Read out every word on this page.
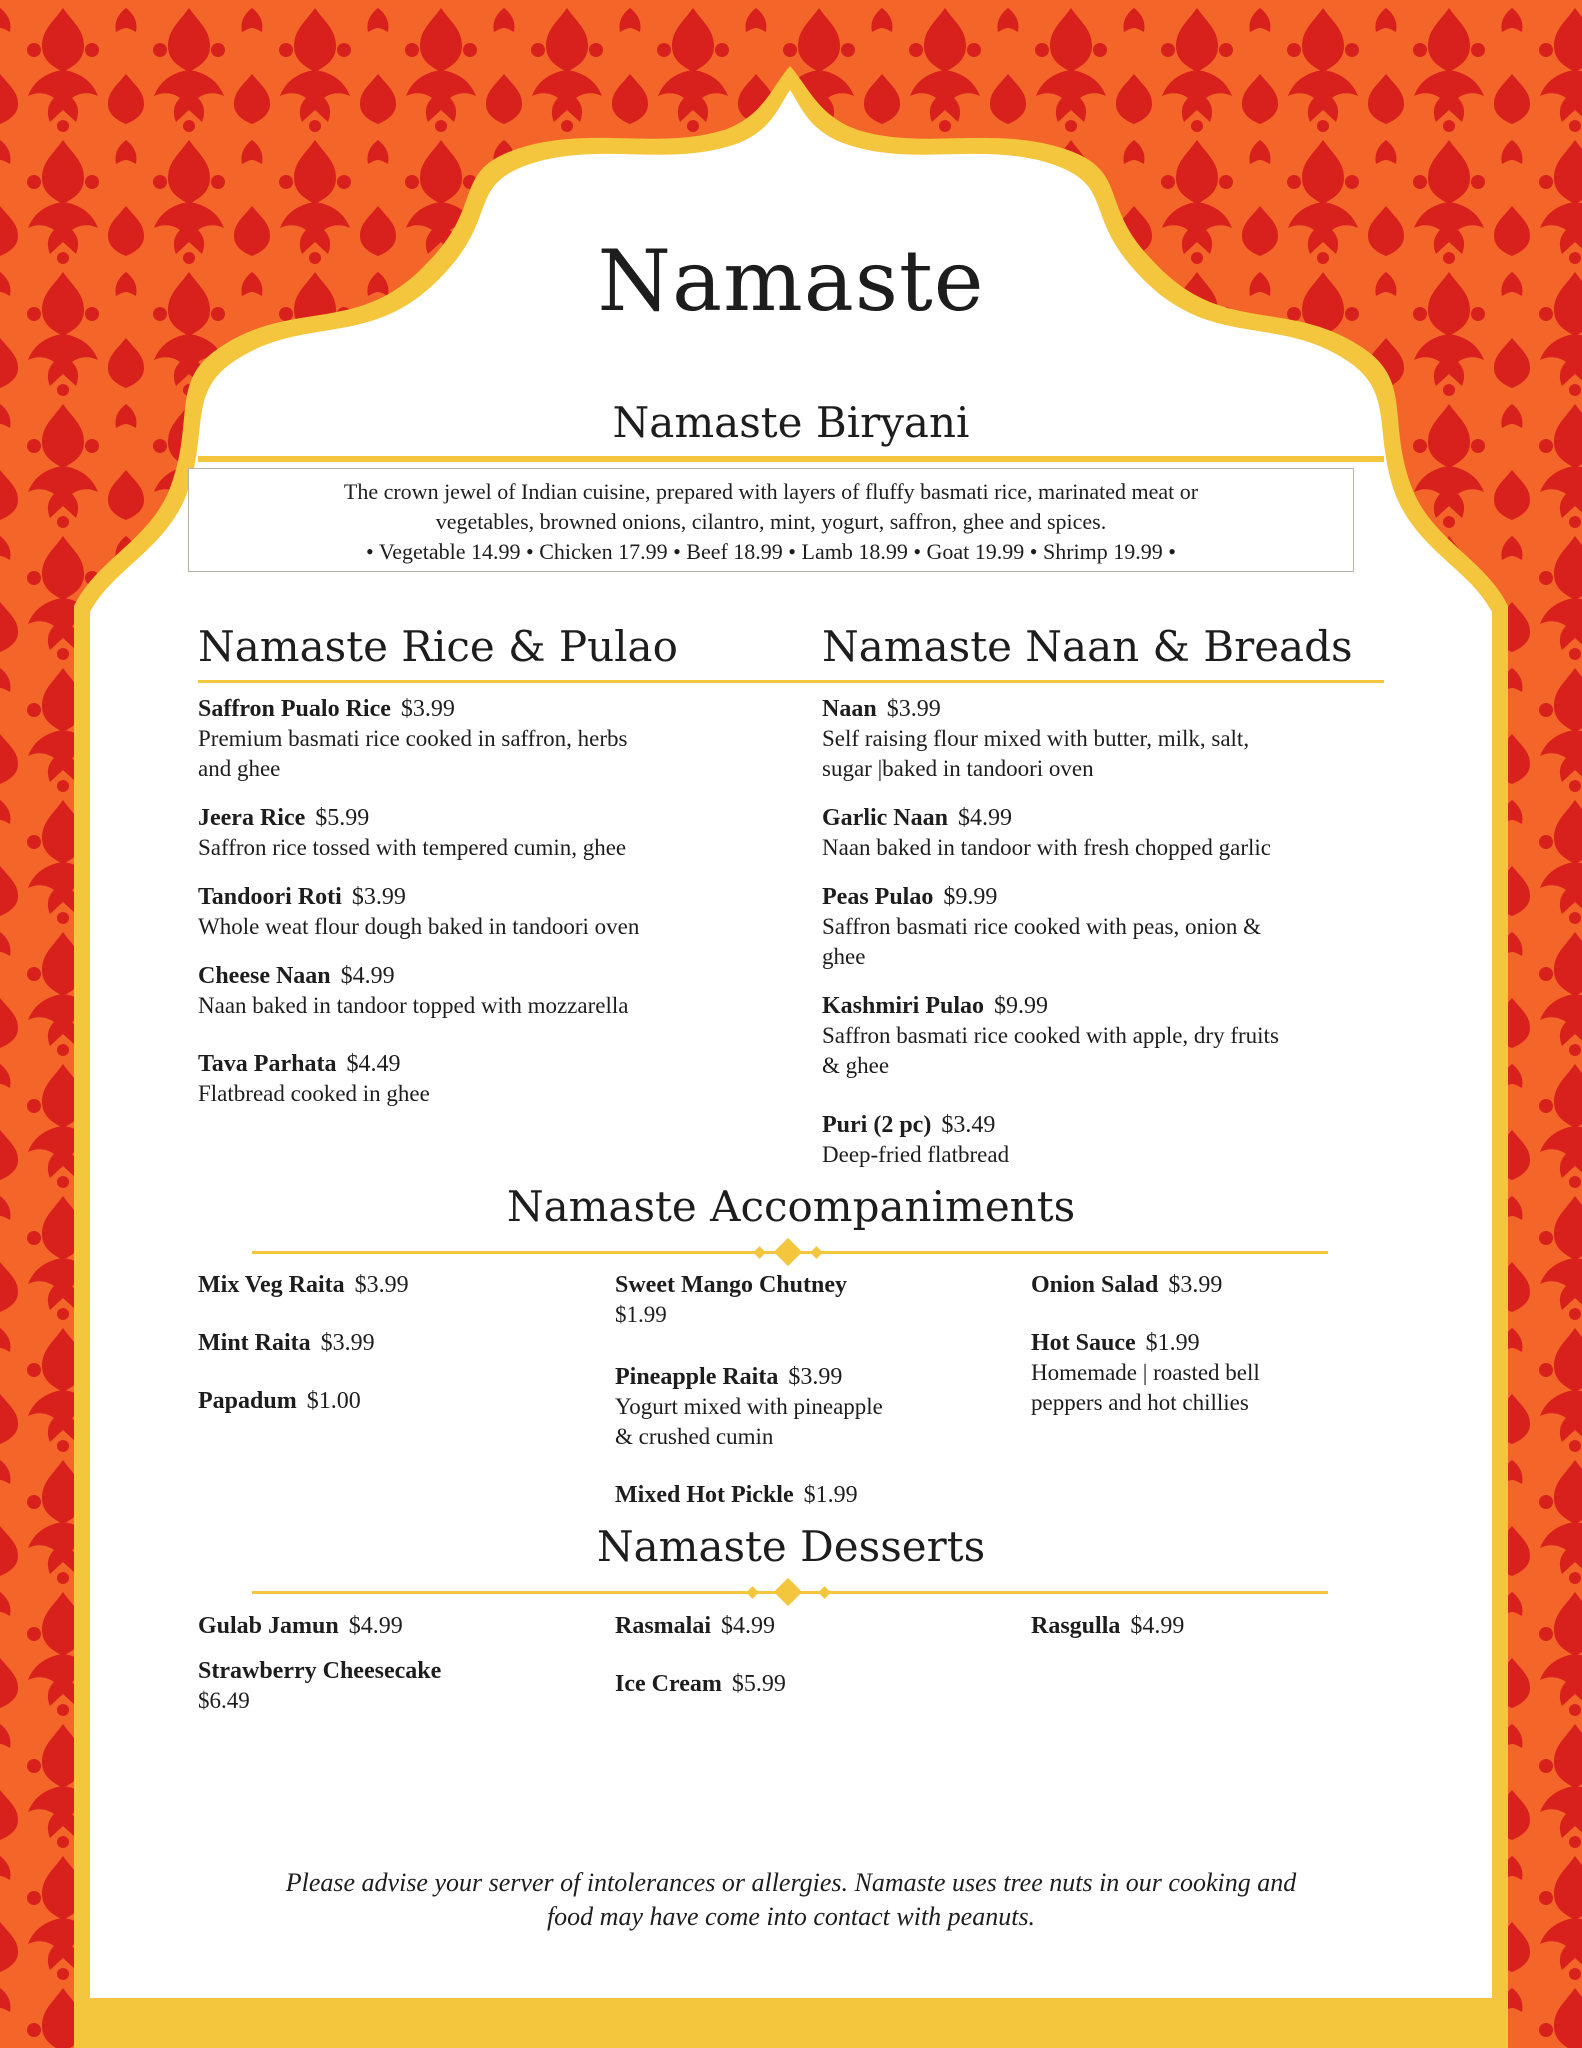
Namaste
Namaste Biryani

The crown jewel of Indian cuisine, prepared with layers of fluffy basmati rice, marinated meat or

vegetables, browned onions, cilantro, mint, yogurt, saffron, ghee and spices.

• Vegetable 14.99 • Chicken 17.99 • Beef 18.99 • Lamb 18.99 • Goat 19.99 • Shrimp 19.99 •

Namaste Rice & Pulao	Namaste Naan & Breads
Saffron Pualo Rice $3.99
Premium basmati rice cooked in saffron, herbs
and ghee
Jeera Rice $5.99
Saffron rice tossed with tempered cumin, ghee
Tandoori Roti $3.99
Whole weat flour dough baked in tandoori oven
Cheese Naan $4.99
Naan baked in tandoor topped with mozzarella
Tava Parhata $4.49
Flatbread cooked in ghee
Naan $3.99
Self raising flour mixed with butter, milk, salt,
sugar |baked in tandoori oven
Garlic Naan $4.99
Naan baked in tandoor with fresh chopped garlic
Peas Pulao $9.99
Saffron basmati rice cooked with peas, onion &
ghee
Kashmiri Pulao $9.99
Saffron basmati rice cooked with apple, dry fruits
& ghee
Puri (2 pc) $3.49
Deep-fried flatbread
Namaste Accompaniments
Mix Veg Raita $3.99
Mint Raita $3.99
Papadum $1.00
Sweet Mango Chutney
$1.99
Pineapple Raita $3.99
Yogurt mixed with pineapple
& crushed cumin
Mixed Hot Pickle $1.99
Onion Salad $3.99
Hot Sauce $1.99
Homemade | roasted bell
peppers and hot chillies
Namaste Desserts
Gulab Jamun $4.99
Strawberry Cheesecake
$6.49
Rasmalai $4.99
Ice Cream $5.99
Rasgulla $4.99
Please advise your server of intolerances or allergies. Namaste uses tree nuts in our cooking and
food may have come into contact with peanuts.
